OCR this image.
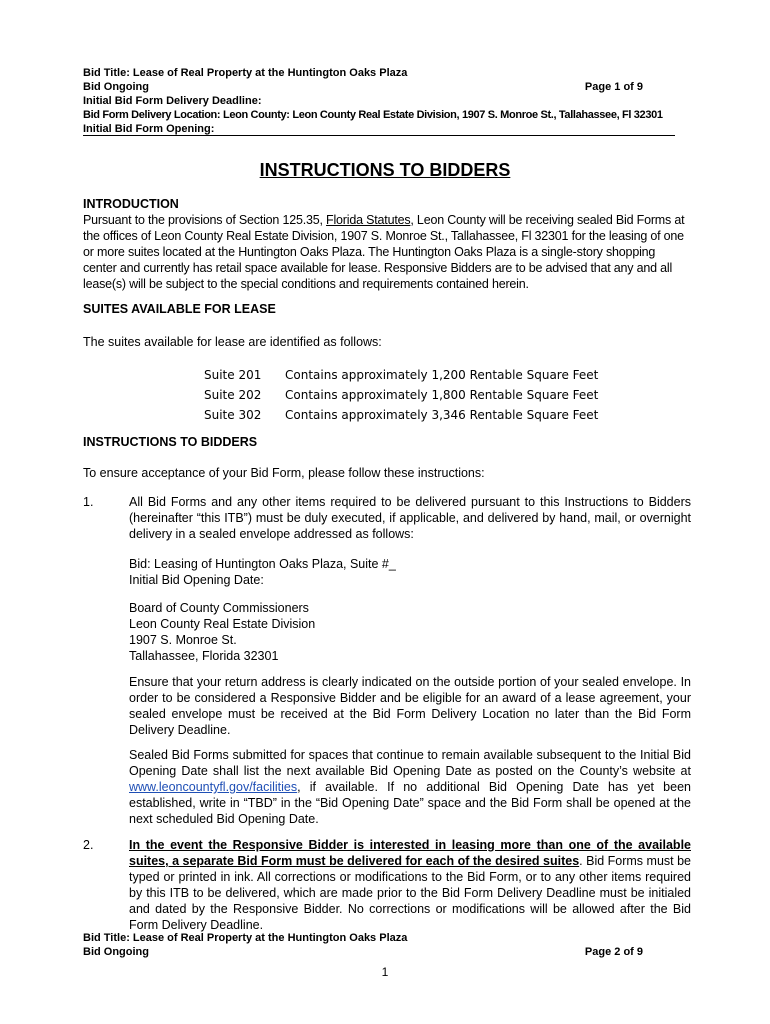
Bid Title: Lease of Real Property at the Huntington Oaks Plaza
Bid Ongoing	Page 1 of 9
Initial Bid Form Delivery Deadline:
Bid Form Delivery Location: Leon County: Leon County Real Estate Division, 1907 S. Monroe St., Tallahassee, Fl 32301
Initial Bid Form Opening:
INSTRUCTIONS TO BIDDERS
INTRODUCTION
Pursuant to the provisions of Section 125.35, Florida Statutes, Leon County will be receiving sealed Bid Forms at the offices of Leon County Real Estate Division, 1907 S. Monroe St., Tallahassee, Fl 32301 for the leasing of one or more suites located at the Huntington Oaks Plaza. The Huntington Oaks Plaza is a single-story shopping center and currently has retail space available for lease. Responsive Bidders are to be advised that any and all lease(s) will be subject to the special conditions and requirements contained herein.
SUITES AVAILABLE FOR LEASE
The suites available for lease are identified as follows:
Suite 201	Contains approximately 1,200 Rentable Square Feet
Suite 202	Contains approximately 1,800 Rentable Square Feet
Suite 302	Contains approximately 3,346 Rentable Square Feet
INSTRUCTIONS TO BIDDERS
To ensure acceptance of your Bid Form, please follow these instructions:
1.	All Bid Forms and any other items required to be delivered pursuant to this Instructions to Bidders (hereinafter “this ITB”) must be duly executed, if applicable, and delivered by hand, mail, or overnight delivery in a sealed envelope addressed as follows:
Bid: Leasing of Huntington Oaks Plaza, Suite #_
Initial Bid Opening Date:
Board of County Commissioners
Leon County Real Estate Division
1907 S. Monroe St.
Tallahassee, Florida 32301
Ensure that your return address is clearly indicated on the outside portion of your sealed envelope. In order to be considered a Responsive Bidder and be eligible for an award of a lease agreement, your sealed envelope must be received at the Bid Form Delivery Location no later than the Bid Form Delivery Deadline.
Sealed Bid Forms submitted for spaces that continue to remain available subsequent to the Initial Bid Opening Date shall list the next available Bid Opening Date as posted on the County’s website at www.leoncountyfl.gov/facilities, if available. If no additional Bid Opening Date has yet been established, write in “TBD” in the “Bid Opening Date” space and the Bid Form shall be opened at the next scheduled Bid Opening Date.
2.	In the event the Responsive Bidder is interested in leasing more than one of the available suites, a separate Bid Form must be delivered for each of the desired suites. Bid Forms must be typed or printed in ink. All corrections or modifications to the Bid Form, or to any other items required by this ITB to be delivered, which are made prior to the Bid Form Delivery Deadline must be initialed and dated by the Responsive Bidder. No corrections or modifications will be allowed after the Bid Form Delivery Deadline.
Bid Title: Lease of Real Property at the Huntington Oaks Plaza
Bid Ongoing	Page 2 of 9
1
